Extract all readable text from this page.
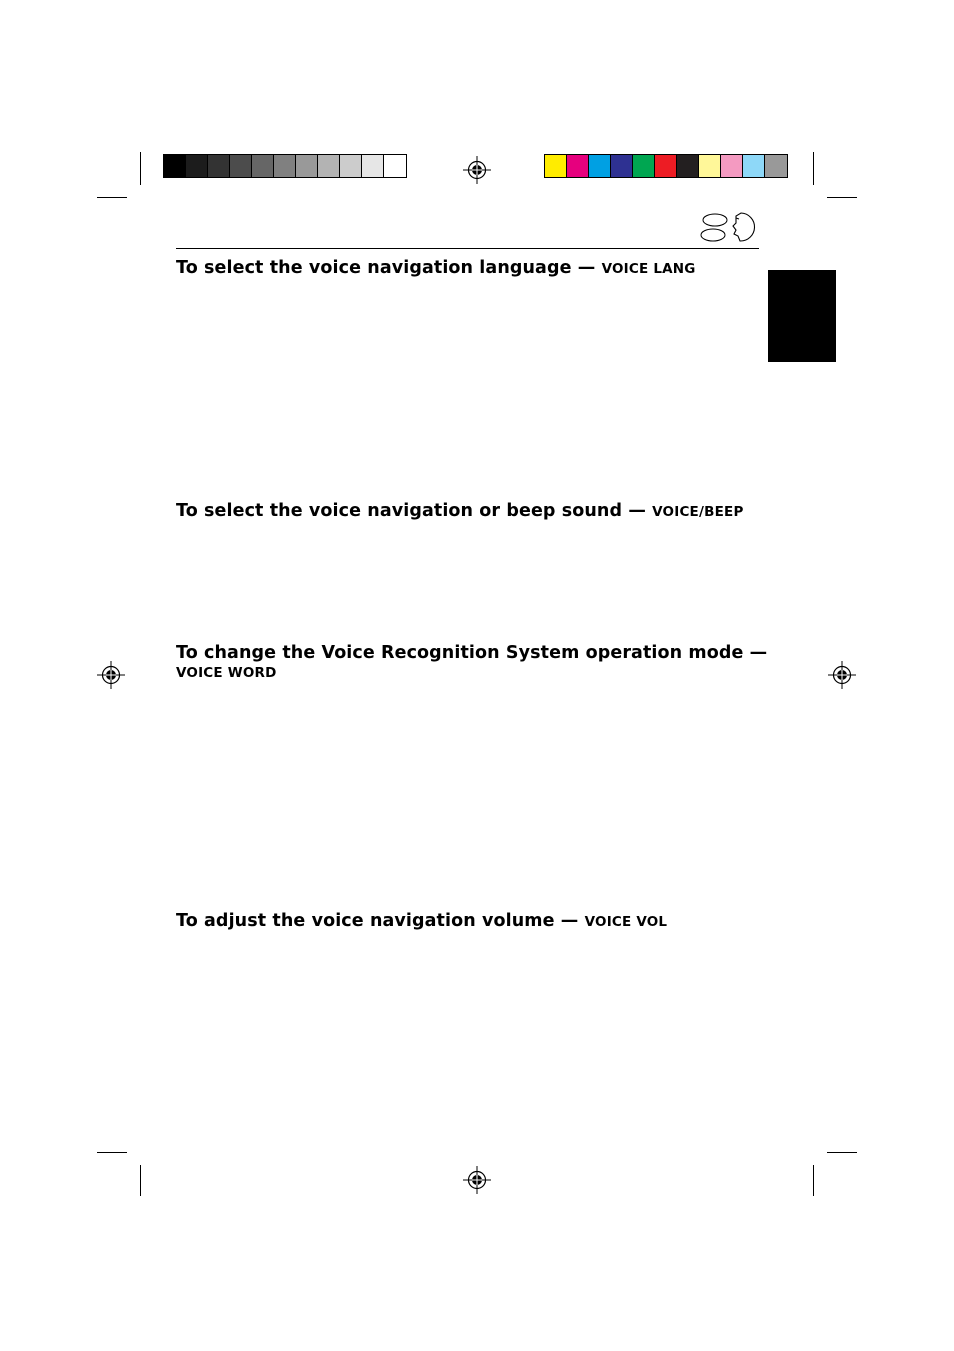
To select the voice navigation language — VOICE LANG
To select the voice navigation or beep sound — VOICE/BEEP
To change the Voice Recognition System operation mode —
VOICE WORD
To adjust the voice navigation volume — VOICE VOL
